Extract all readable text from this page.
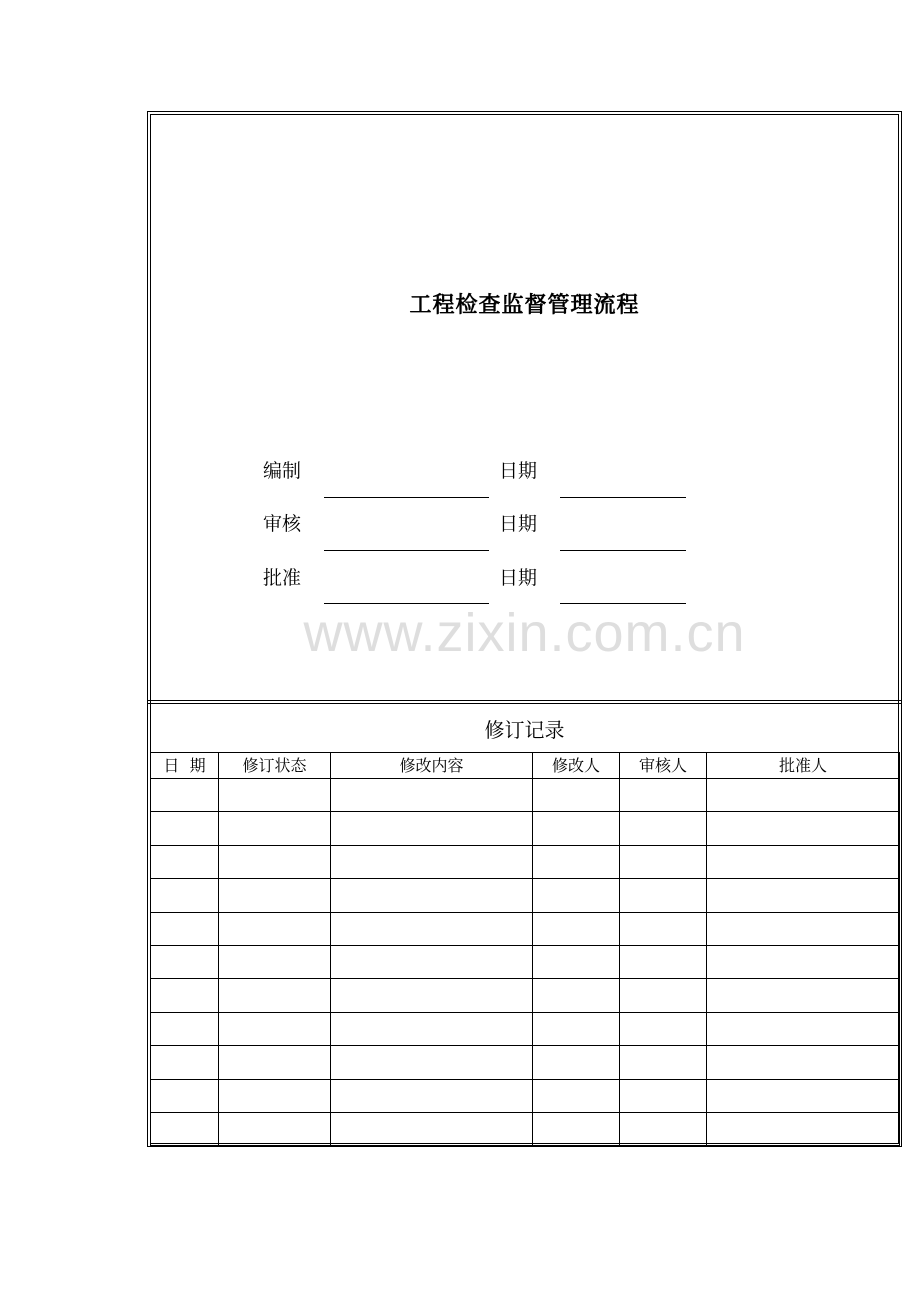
工程检查监督管理流程
编制	日期
审核	日期
批准	日期
www.zixin.com.cn
修订记录
日  期	修订状态	修改内容	修改人	审核人	批准人
